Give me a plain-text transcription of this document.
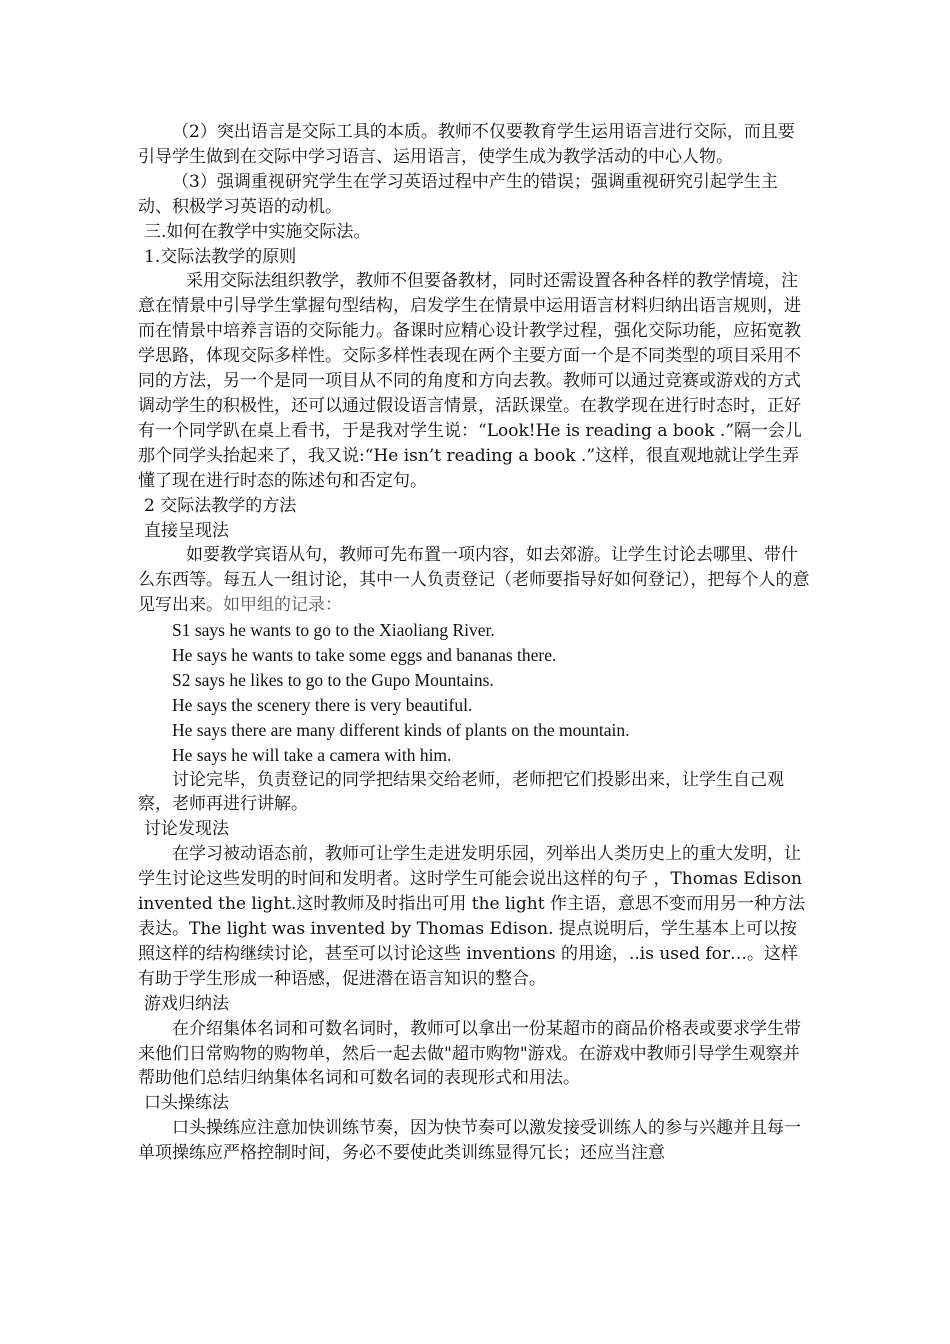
（2）突出语言是交际工具的本质。教师不仅要教育学生运用语言进行交际，而且要引导学生做到在交际中学习语言、运用语言，使学生成为教学活动的中心人物。

（3）强调重视研究学生在学习英语过程中产生的错误；强调重视研究引起学生主动、积极学习英语的动机。

三.如何在教学中实施交际法。

1.交际法教学的原则

采用交际法组织教学，教师不但要备教材，同时还需设置各种各样的教学情境，注意在情景中引导学生掌握句型结构，启发学生在情景中运用语言材料归纳出语言规则，进而在情景中培养言语的交际能力。备课时应精心设计教学过程，强化交际功能，应拓宽教学思路，体现交际多样性。交际多样性表现在两个主要方面一个是不同类型的项目采用不同的方法，另一个是同一项目从不同的角度和方向去教。教师可以通过竞赛或游戏的方式调动学生的积极性，还可以通过假设语言情景，活跃课堂。在教学现在进行时态时，正好有一个同学趴在桌上看书，于是我对学生说：“Look!He is reading a book .”隔一会儿那个同学头抬起来了，我又说:“He isn’t reading a book .”这样，很直观地就让学生弄懂了现在进行时态的陈述句和否定句。

2 交际法教学的方法

直接呈现法

如要教学宾语从句，教师可先布置一项内容，如去郊游。让学生讨论去哪里、带什么东西等。每五人一组讨论，其中一人负责登记（老师要指导好如何登记），把每个人的意见写出来。如甲组的记录：

S1 says he wants to go to the Xiaoliang River.

He says he wants to take some eggs and bananas there.

S2 says he likes to go to the Gupo Mountains.

He says the scenery there is very beautiful.

He says there are many different kinds of plants on the mountain.

He says he will take a camera with him.

讨论完毕，负责登记的同学把结果交给老师，老师把它们投影出来，让学生自己观察，老师再进行讲解。

讨论发现法

在学习被动语态前，教师可让学生走进发明乐园，列举出人类历史上的重大发明，让学生讨论这些发明的时间和发明者。这时学生可能会说出这样的句子 ，Thomas Edison invented the light.这时教师及时指出可用 the light 作主语，意思不变而用另一种方法表达。The light was invented by Thomas Edison. 提点说明后，学生基本上可以按照这样的结构继续讨论，甚至可以讨论这些 inventions 的用途，..is used for…。这样有助于学生形成一种语感，促进潜在语言知识的整合。

游戏归纳法

在介绍集体名词和可数名词时，教师可以拿出一份某超市的商品价格表或要求学生带来他们日常购物的购物单，然后一起去做"超市购物"游戏。在游戏中教师引导学生观察并帮助他们总结归纳集体名词和可数名词的表现形式和用法。

口头操练法

口头操练应注意加快训练节奏，因为快节奏可以激发接受训练人的参与兴趣并且每一单项操练应严格控制时间，务必不要使此类训练显得冗长；还应当注意
